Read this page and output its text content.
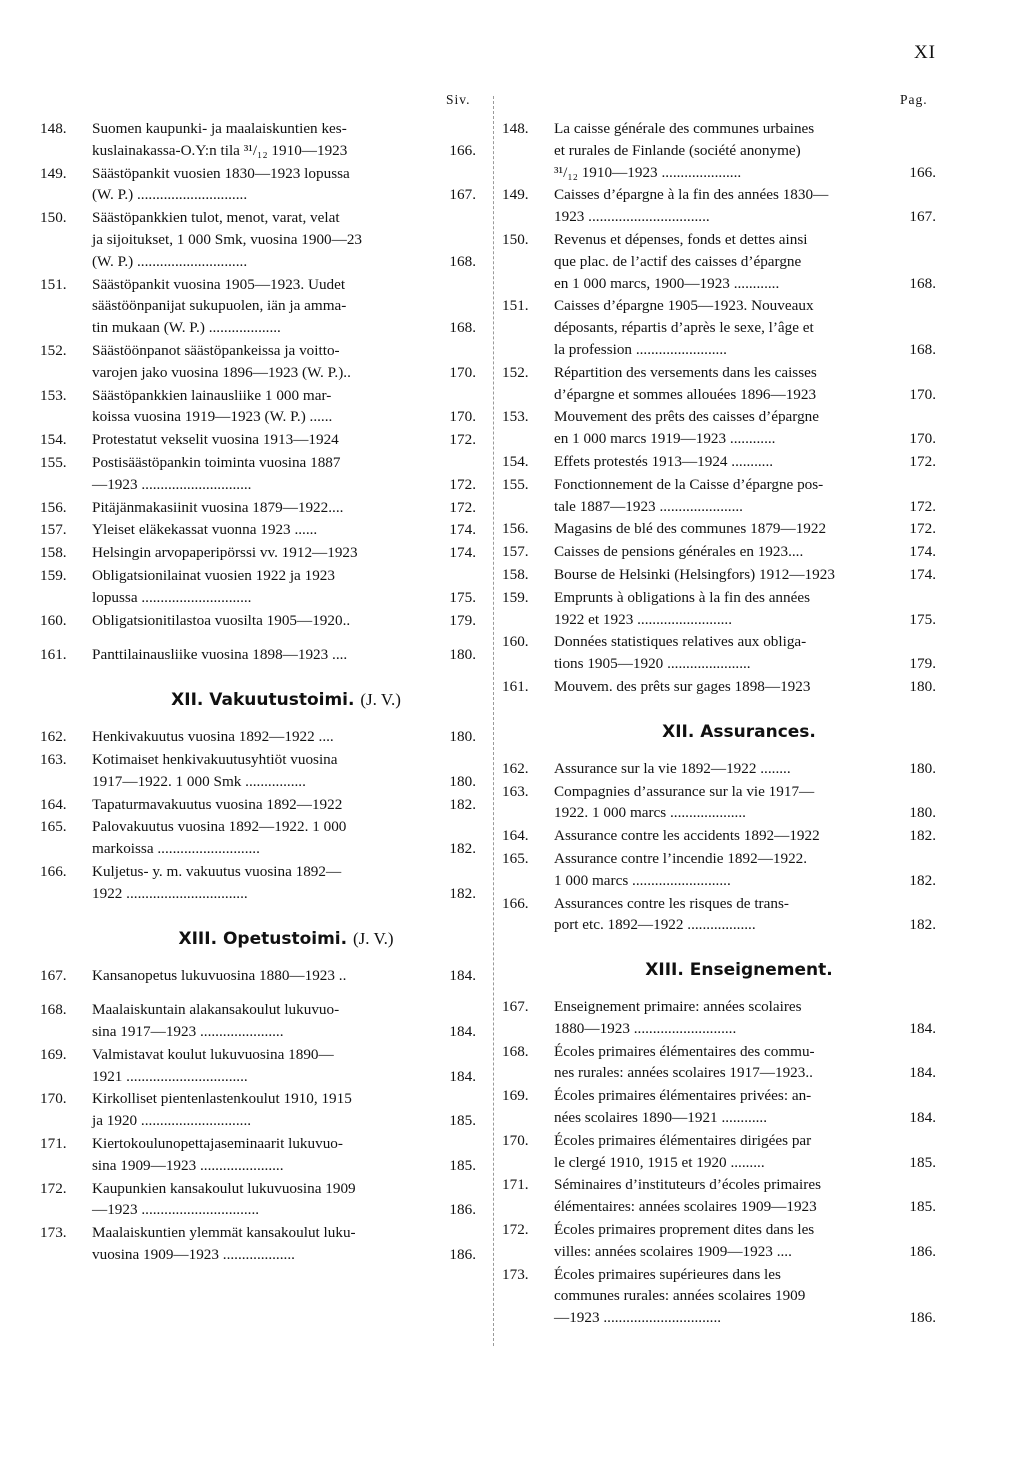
XI
Siv.	Pag.
148.	Suomen kaupunki- ja maalaiskuntien kes-
kuslainakassa-O.Y:n tila ³¹/₁₂ 1910—1923	166.
149.	Säästöpankit vuosien 1830—1923 lopussa
(W. P.) .............................	167.
150.	Säästöpankkien tulot, menot, varat, velat
ja sijoitukset, 1 000 Smk, vuosina 1900—23
(W. P.) .............................	168.
151.	Säästöpankit vuosina 1905—1923. Uudet
säästöönpanijat sukupuolen, iän ja amma-
tin mukaan (W. P.) ...................	168.
152.	Säästöönpanot säästöpankeissa ja voitto-
varojen jako vuosina 1896—1923 (W. P.)..	170.
153.	Säästöpankkien lainausliike 1 000 mar-
koissa vuosina 1919—1923 (W. P.) ......	170.
154.	Protestatut vekselit vuosina 1913—1924	172.
155.	Postisäästöpankin toiminta vuosina 1887
—1923 .............................	172.
156.	Pitäjänmakasiinit vuosina 1879—1922....	172.
157.	Yleiset eläkekassat vuonna 1923 ......	174.
158.	Helsingin arvopaperipörssi vv. 1912—1923	174.
159.	Obligatsionilainat vuosien 1922 ja 1923
lopussa .............................	175.
160.	Obligatsionitilastoa vuosilta 1905—1920..	179.
161.	Panttilainausliike vuosina 1898—1923 ....	180.
XII. Vakuutustoimi. (J. V.)
162.	Henkivakuutus vuosina 1892—1922 ....	180.
163.	Kotimaiset henkivakuutusyhtiöt vuosina
1917—1922. 1 000 Smk ................	180.
164.	Tapaturmavakuutus vuosina 1892—1922	182.
165.	Palovakuutus vuosina 1892—1922. 1 000
markoissa ...........................	182.
166.	Kuljetus- y. m. vakuutus vuosina 1892—
1922 ................................	182.
XIII. Opetustoimi. (J. V.)
167.	Kansanopetus lukuvuosina 1880—1923 ..	184.
168.	Maalaiskuntain alakansakoulut lukuvuo-
sina 1917—1923 ......................	184.
169.	Valmistavat koulut lukuvuosina 1890—
1921 ................................	184.
170.	Kirkolliset pientenlastenkoulut 1910, 1915
ja 1920 .............................	185.
171.	Kiertokoulunopettajaseminaarit lukuvuo-
sina 1909—1923 ......................	185.
172.	Kaupunkien kansakoulut lukuvuosina 1909
—1923 ...............................	186.
173.	Maalaiskuntien ylemmät kansakoulut luku-
vuosina 1909—1923 ...................	186.
148.	La caisse générale des communes urbaines
et rurales de Finlande (société anonyme)
³¹/₁₂ 1910—1923 .....................	166.
149.	Caisses d’épargne à la fin des années 1830—
1923 ................................	167.
150.	Revenus et dépenses, fonds et dettes ainsi
que plac. de l’actif des caisses d’épargne
en 1 000 marcs, 1900—1923 ............	168.
151.	Caisses d’épargne 1905—1923. Nouveaux
déposants, répartis d’après le sexe, l’âge et
la profession ........................	168.
152.	Répartition des versements dans les caisses
d’épargne et sommes allouées 1896—1923	170.
153.	Mouvement des prêts des caisses d’épargne
en 1 000 marcs 1919—1923 ............	170.
154.	Effets protestés 1913—1924 ...........	172.
155.	Fonctionnement de la Caisse d’épargne pos-
tale 1887—1923 ......................	172.
156.	Magasins de blé des communes 1879—1922	172.
157.	Caisses de pensions générales en 1923....	174.
158.	Bourse de Helsinki (Helsingfors) 1912—1923	174.
159.	Emprunts à obligations à la fin des années
1922 et 1923 .........................	175.
160.	Données statistiques relatives aux obliga-
tions 1905—1920 ......................	179.
161.	Mouvem. des prêts sur gages 1898—1923	180.
XII. Assurances.
162.	Assurance sur la vie 1892—1922 ........	180.
163.	Compagnies d’assurance sur la vie 1917—
1922. 1 000 marcs ....................	180.
164.	Assurance contre les accidents 1892—1922	182.
165.	Assurance contre l’incendie 1892—1922.
1 000 marcs ..........................	182.
166.	Assurances contre les risques de trans-
port etc. 1892—1922 ..................	182.
XIII. Enseignement.
167.	Enseignement primaire: années scolaires
1880—1923 ...........................	184.
168.	Écoles primaires élémentaires des commu-
nes rurales: années scolaires 1917—1923..	184.
169.	Écoles primaires élémentaires privées: an-
nées scolaires 1890—1921 ............	184.
170.	Écoles primaires élémentaires dirigées par
le clergé 1910, 1915 et 1920 .........	185.
171.	Séminaires d’instituteurs d’écoles primaires
élémentaires: années scolaires 1909—1923	185.
172.	Écoles primaires proprement dites dans les
villes: années scolaires 1909—1923 ....	186.
173.	Écoles primaires supérieures dans les
communes rurales: années scolaires 1909
—1923 ...............................	186.
